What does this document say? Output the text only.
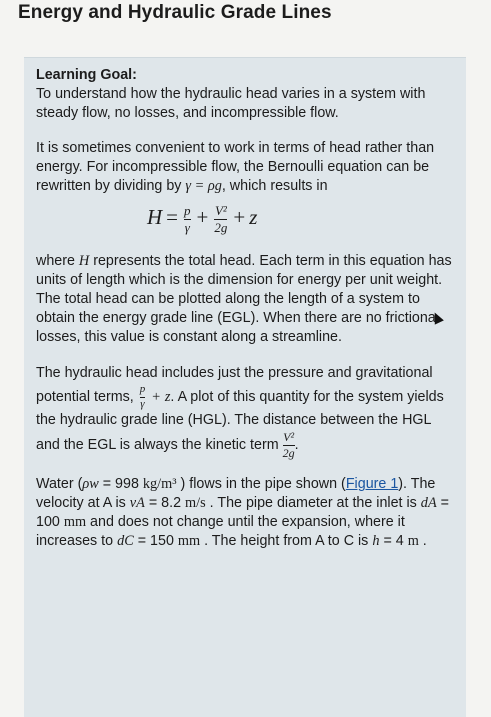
Energy and Hydraulic Grade Lines

Learning Goal:

To understand how the hydraulic head varies in a system with steady flow, no losses, and incompressible flow.

It is sometimes convenient to work in terms of head rather than energy. For incompressible flow, the Bernoulli equation can be rewritten by dividing by γ = ρg, which results in

$H = \frac{p}{\gamma} + \frac{\text{V²}}{2g} + z$

where H represents the total head. Each term in this equation has units of length which is the dimension for energy per unit weight. The total head can be plotted along the length of a system to obtain the energy grade line (EGL). When there are no frictiona losses, this value is constant along a streamline.

The hydraulic head includes just the pressure and gravitational potential terms, $\frac{p}{\gamma} + z$. A plot of this quantity for the system yields the hydraulic grade line (HGL). The distance between the HGL and the EGL is always the kinetic term $\frac{\text{V²}}{2g}$ .

Water (ρw = 998 kg/m³ ) flows in the pipe shown (Figure 1). The velocity at A is vA = 8.2 m/s . The pipe diameter at the inlet is dA = 100 mm and does not change until the expansion, where it increases to dC = 150 mm . The height from A to C is h = 4 m .
